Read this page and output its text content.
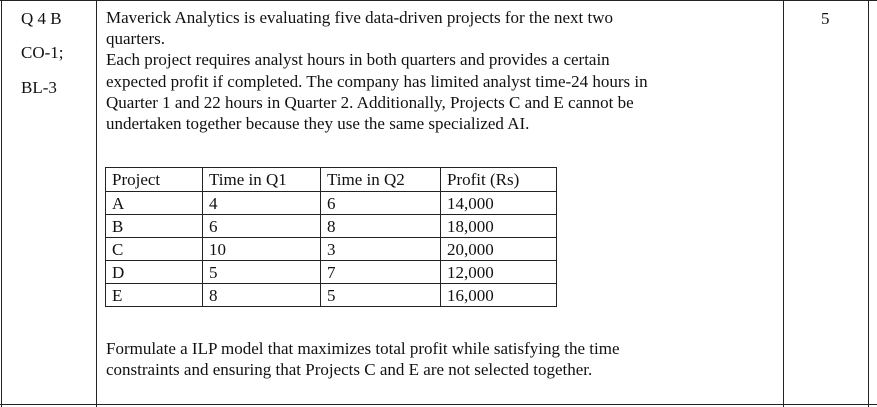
Q 4 B
CO-1;
BL-3
5
Maverick Analytics is evaluating five data-driven projects for the next two
quarters.
Each project requires analyst hours in both quarters and provides a certain
expected profit if completed. The company has limited analyst time-24 hours in
Quarter 1 and 22 hours in Quarter 2. Additionally, Projects C and E cannot be
undertaken together because they use the same specialized AI.
Project	Time in Q1	Time in Q2	Profit (Rs)
A	4	6	14,000
B	6	8	18,000
C	10	3	20,000
D	5	7	12,000
E	8	5	16,000
Formulate a ILP model that maximizes total profit while satisfying the time
constraints and ensuring that Projects C and E are not selected together.
